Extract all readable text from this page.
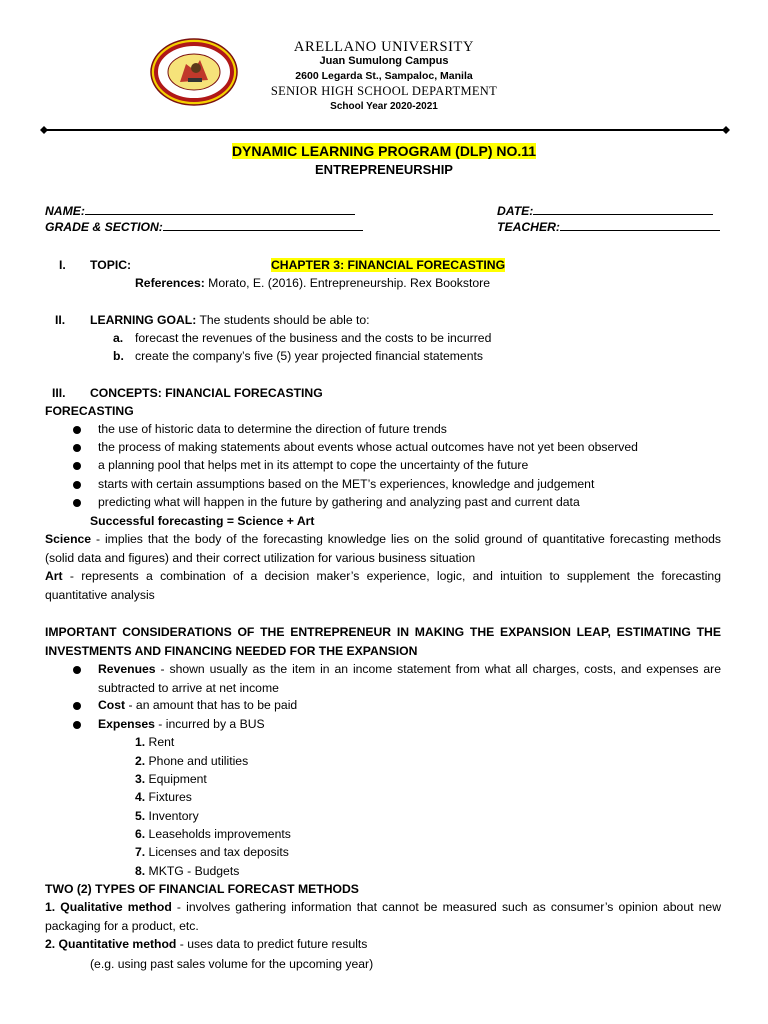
ARELLANO UNIVERSITY
Juan Sumulong Campus
2600 Legarda St., Sampaloc, Manila
SENIOR HIGH SCHOOL DEPARTMENT
School Year 2020-2021
DYNAMIC LEARNING PROGRAM (DLP) NO.11
ENTREPRENEURSHIP
NAME:	DATE:
GRADE & SECTION:	TEACHER:
I. TOPIC:	CHAPTER 3: FINANCIAL FORECASTING
References: Morato, E. (2016). Entrepreneurship. Rex Bookstore
II. LEARNING GOAL: The students should be able to:
a. forecast the revenues of the business and the costs to be incurred
b. create the company’s five (5) year projected financial statements
III. CONCEPTS: FINANCIAL FORECASTING
FORECASTING
the use of historic data to determine the direction of future trends
the process of making statements about events whose actual outcomes have not yet been observed
a planning pool that helps met in its attempt to cope the uncertainty of the future
starts with certain assumptions based on the MET’s experiences, knowledge and judgement
predicting what will happen in the future by gathering and analyzing past and current data
Successful forecasting = Science + Art
Science - implies that the body of the forecasting knowledge lies on the solid ground of quantitative forecasting methods (solid data and figures) and their correct utilization for various business situation
Art - represents a combination of a decision maker’s experience, logic, and intuition to supplement the forecasting quantitative analysis
IMPORTANT CONSIDERATIONS OF THE ENTREPRENEUR IN MAKING THE EXPANSION LEAP, ESTIMATING THE INVESTMENTS AND FINANCING NEEDED FOR THE EXPANSION
Revenues - shown usually as the item in an income statement from what all charges, costs, and expenses are subtracted to arrive at net income
Cost - an amount that has to be paid
Expenses - incurred by a BUS
1. Rent
2. Phone and utilities
3. Equipment
4. Fixtures
5. Inventory
6. Leaseholds improvements
7. Licenses and tax deposits
8. MKTG - Budgets
TWO (2) TYPES OF FINANCIAL FORECAST METHODS
1. Qualitative method - involves gathering information that cannot be measured such as consumer’s opinion about new packaging for a product, etc.
2. Quantitative method - uses data to predict future results
(e.g. using past sales volume for the upcoming year)
